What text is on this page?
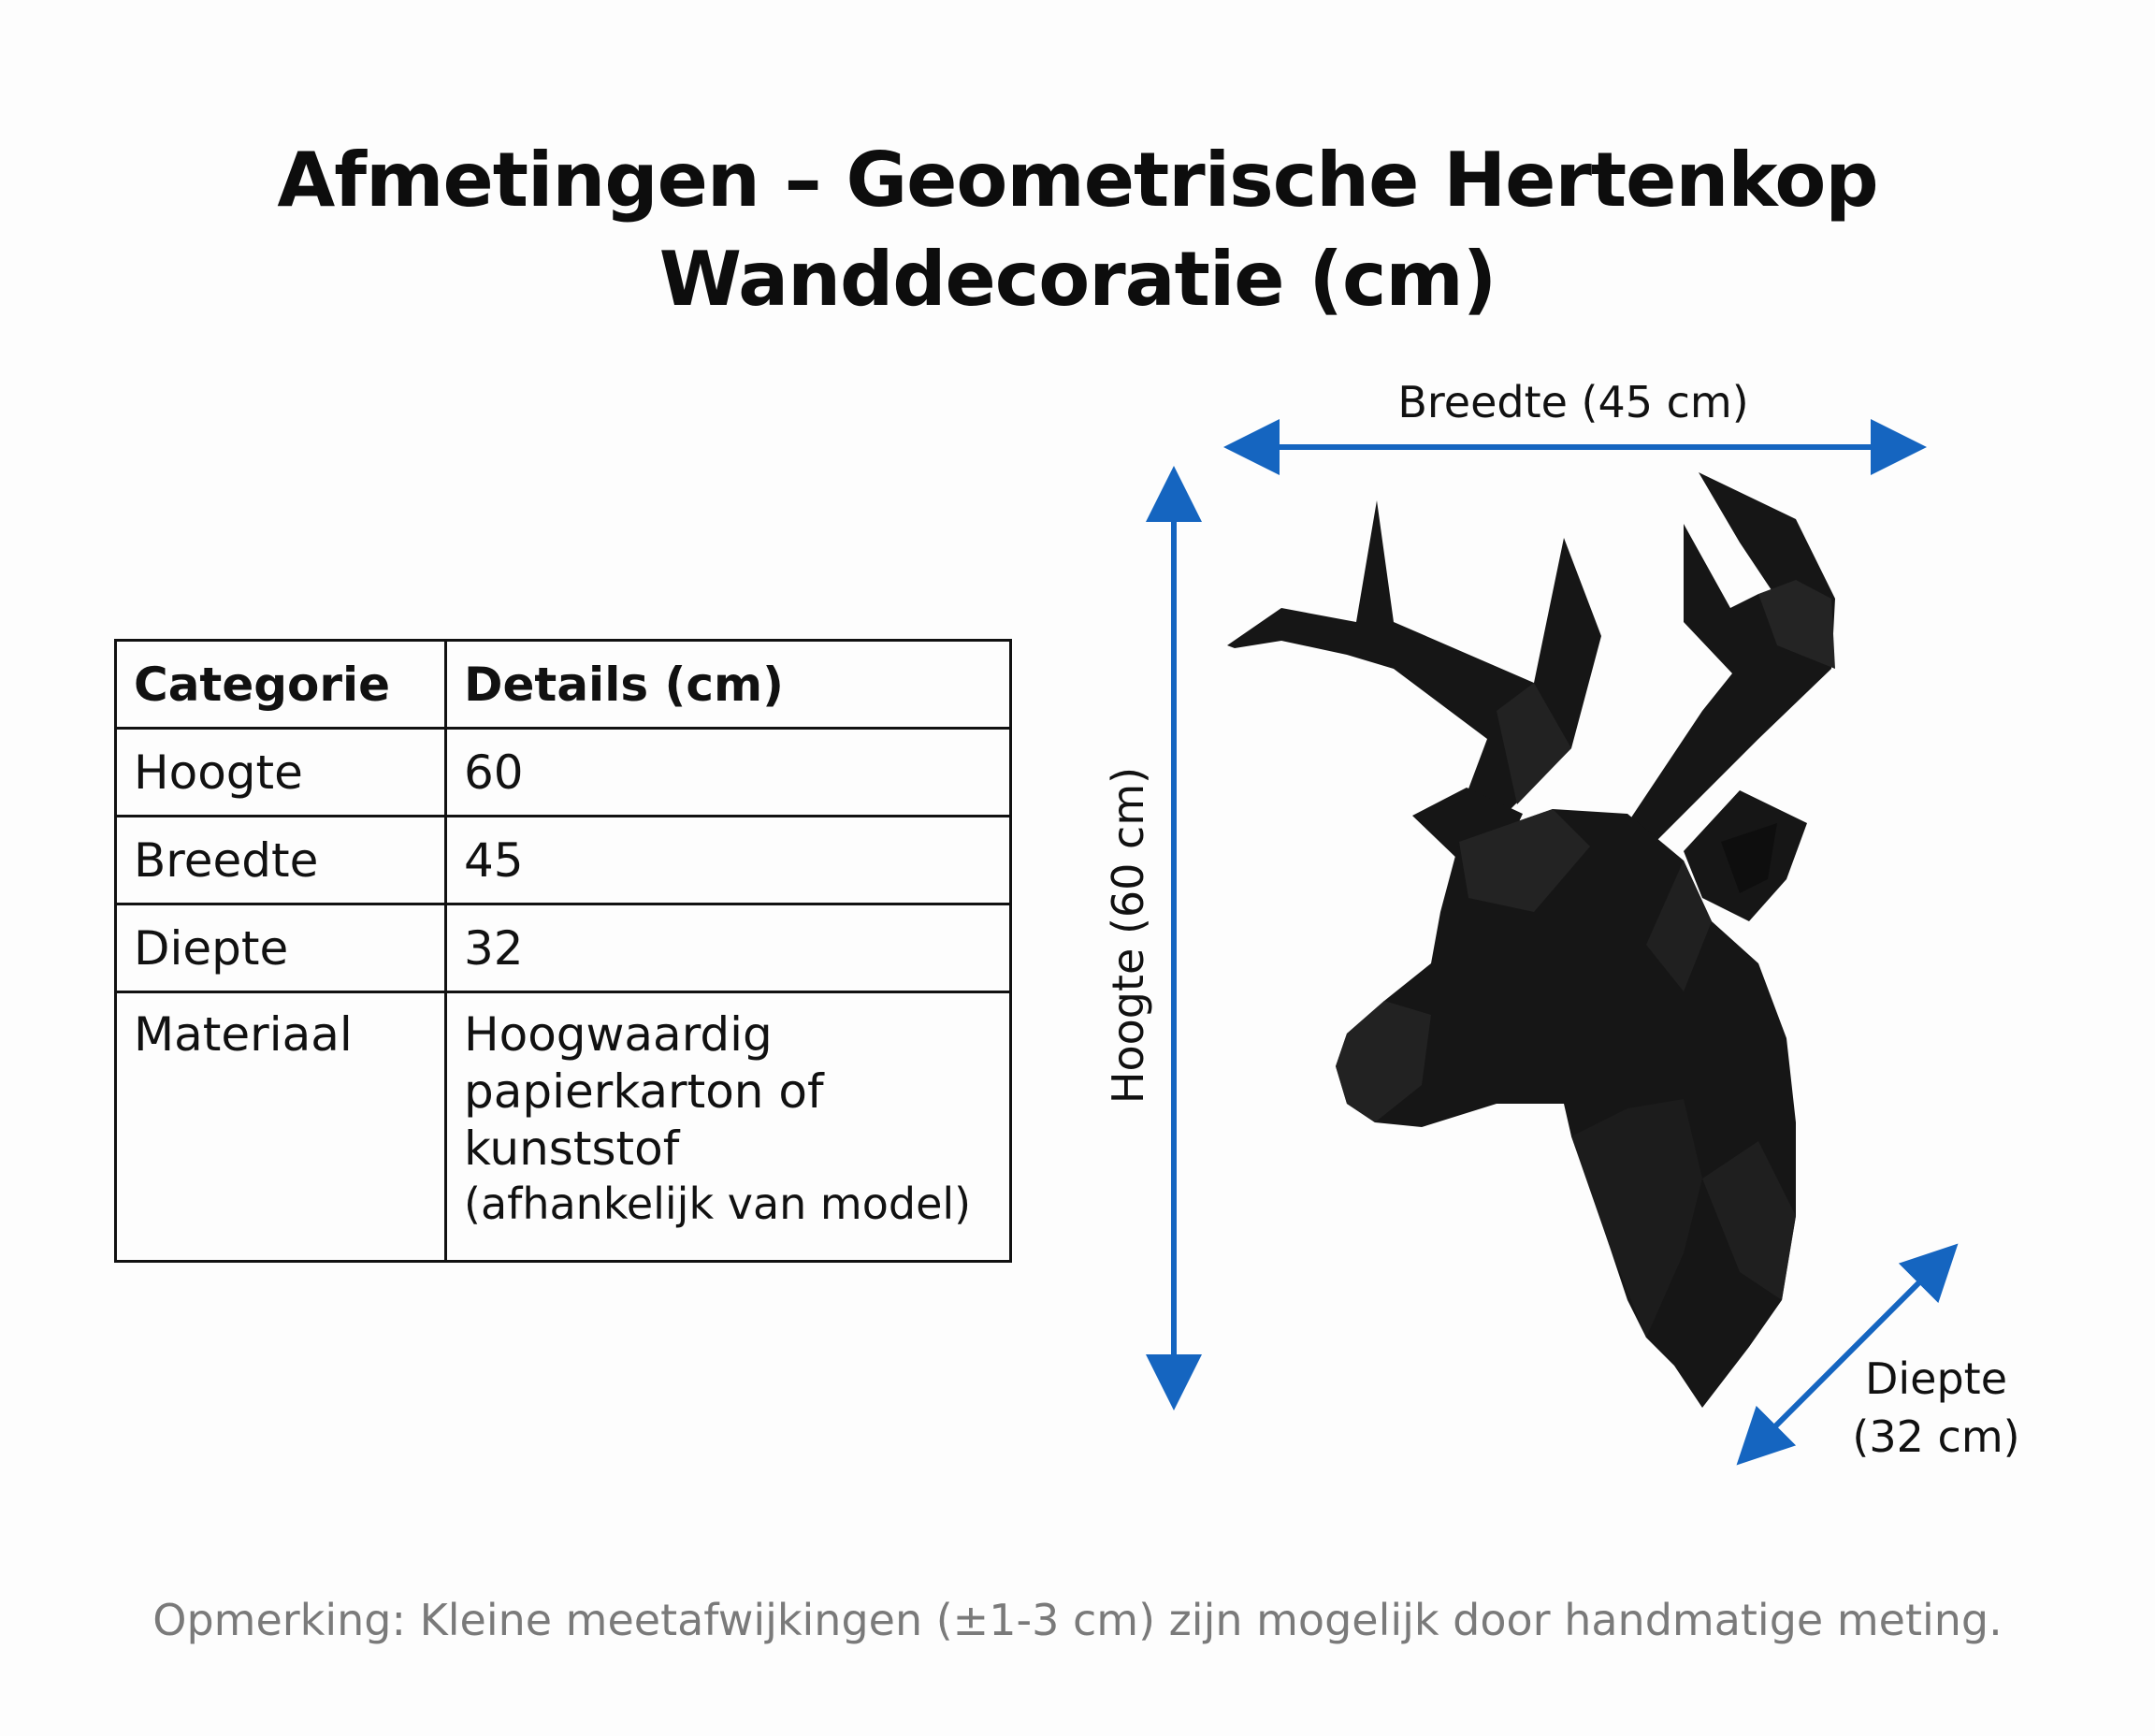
Afmetingen – Geometrische Hertenkop
Wanddecoratie (cm)
Categorie	Details (cm)
Hoogte	60
Breedte	45
Diepte	32
Materiaal	Hoogwaardig
papierkarton of
kunststof
(afhankelijk van model)
Breedte (45 cm)
Hoogte (60 cm)
Diepte
(32 cm)
Opmerking: Kleine meetafwijkingen (±1-3 cm) zijn mogelijk door handmatige meting.
